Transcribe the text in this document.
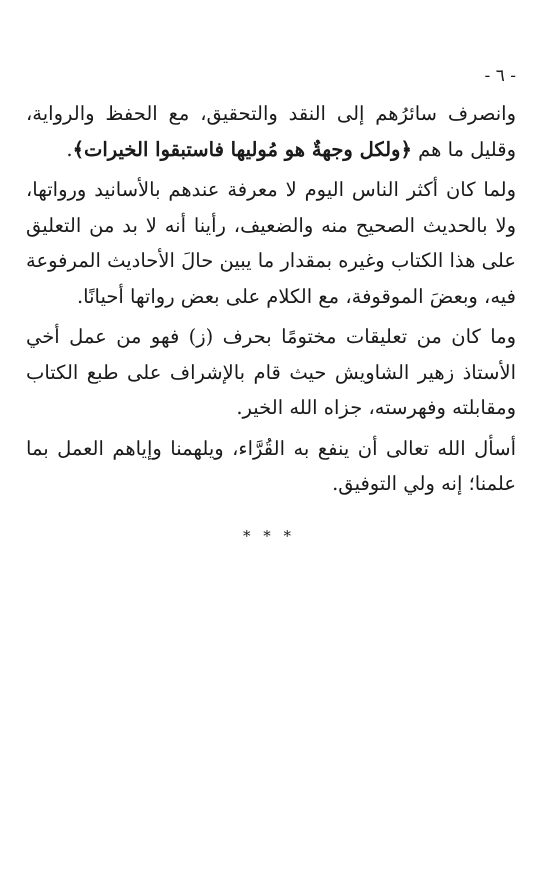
- ٦ -

وانصرف سائرُهم إلى النقد والتحقيق، مع الحفظ والرواية، وقليل ما هم ﴿ولكل وجهةٌ هو مُوليها فاستبقوا الخيرات﴾.

ولما كان أكثر الناس اليوم لا معرفة عندهم بالأسانيد ورواتها، ولا بالحديث الصحيح منه والضعيف، رأينا أنه لا بد من التعليق على هذا الكتاب وغيره بمقدار ما يبين حالَ الأحاديث المرفوعة فيه، وبعضَ الموقوفة، مع الكلام على بعض رواتها أحيانًا.

وما كان من تعليقات مختومًا بحرف (ز) فهو من عمل أخي الأستاذ زهير الشاويش حيث قام بالإشراف على طبع الكتاب ومقابلته وفهرسته، جزاه الله الخير.

أسأل الله تعالى أن ينفع به القُرَّاء، ويلهمنا وإياهم العمل بما علمنا؛ إنه ولي التوفيق.

* * *
